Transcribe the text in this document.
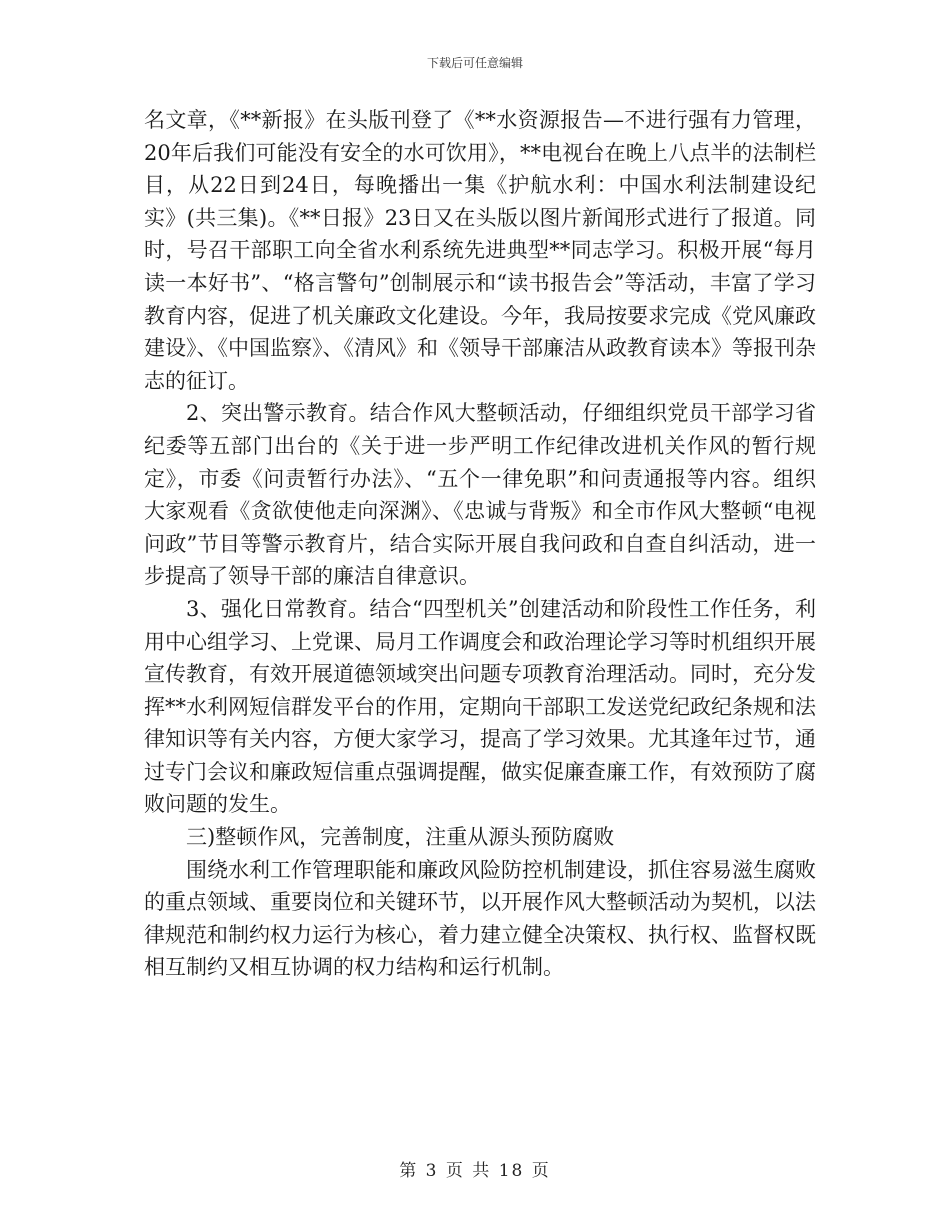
下载后可任意编辑

名文章，《**新报》在头版刊登了《**水资源报告—不进行强有力管理，20年后我们可能没有安全的水可饮用》，**电视台在晚上八点半的法制栏目，从22日到24日，每晚播出一集《护航水利：中国水利法制建设纪实》(共三集)。《**日报》23日又在头版以图片新闻形式进行了报道。同时，号召干部职工向全省水利系统先进典型**同志学习。积极开展“每月读一本好书”、“格言警句”创制展示和“读书报告会”等活动，丰富了学习教育内容，促进了机关廉政文化建设。今年，我局按要求完成《党风廉政建设》、《中国监察》、《清风》和《领导干部廉洁从政教育读本》等报刊杂志的征订。

2、突出警示教育。结合作风大整顿活动，仔细组织党员干部学习省纪委等五部门出台的《关于进一步严明工作纪律改进机关作风的暂行规定》，市委《问责暂行办法》、“五个一律免职”和问责通报等内容。组织大家观看《贪欲使他走向深渊》、《忠诚与背叛》和全市作风大整顿“电视问政”节目等警示教育片，结合实际开展自我问政和自查自纠活动，进一步提高了领导干部的廉洁自律意识。

3、强化日常教育。结合“四型机关”创建活动和阶段性工作任务，利用中心组学习、上党课、局月工作调度会和政治理论学习等时机组织开展宣传教育，有效开展道德领域突出问题专项教育治理活动。同时，充分发挥**水利网短信群发平台的作用，定期向干部职工发送党纪政纪条规和法律知识等有关内容，方便大家学习，提高了学习效果。尤其逢年过节，通过专门会议和廉政短信重点强调提醒，做实促廉查廉工作，有效预防了腐败问题的发生。

三)整顿作风，完善制度，注重从源头预防腐败

围绕水利工作管理职能和廉政风险防控机制建设，抓住容易滋生腐败的重点领域、重要岗位和关键环节，以开展作风大整顿活动为契机，以法律规范和制约权力运行为核心，着力建立健全决策权、执行权、监督权既相互制约又相互协调的权力结构和运行机制。

第 3 页 共 18 页
